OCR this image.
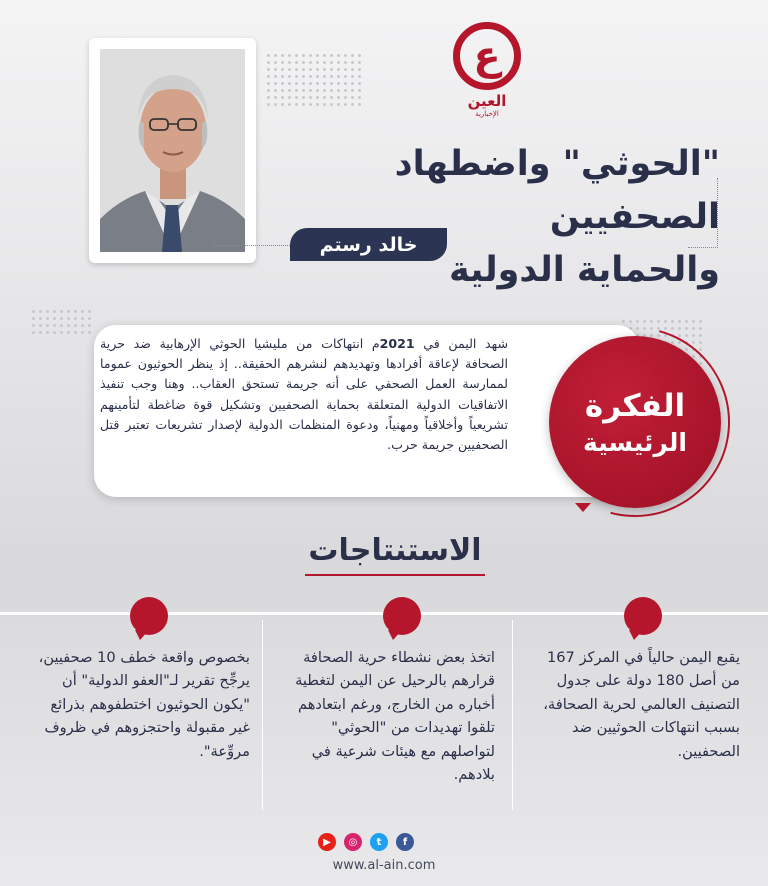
ع
العين
الإخبارية
"الحوثي" واضطهاد الصحفيين
والحماية الدولية
خالد رستم
شهد اليمن في 2021م انتهاكات من مليشيا الحوثي الإرهابية ضد حرية الصحافة لإعاقة أفرادها وتهديدهم لنشرهم الحقيقة.. إذ ينظر الحوثيون عموما لممارسة العمل الصحفي على أنه جريمة تستحق العقاب.. وهنا وجب تنفيذ الاتفاقيات الدولية المتعلقة بحماية الصحفيين وتشكيل قوة ضاغطة لتأمينهم تشريعياً وأخلاقياً ومهنياً، ودعوة المنظمات الدولية لإصدار تشريعات تعتبر قتل الصحفيين جريمة حرب.
الفكرة
الرئيسية
الاستنتاجات
يقبع اليمن حالياً في المركز 167 من أصل 180 دولة على جدول التصنيف العالمي لحرية الصحافة، بسبب انتهاكات الحوثيين ضد الصحفيين.
اتخذ بعض نشطاء حرية الصحافة قرارهم بالرحيل عن اليمن لتغطية أخباره من الخارج، ورغم ابتعادهم تلقوا تهديدات من "الحوثي" لتواصلهم مع هيئات شرعية في بلادهم.
بخصوص واقعة خطف 10 صحفيين، يرجِّح تقرير لـ"العفو الدولية" أن "يكون الحوثيون اختطفوهم بذرائع غير مقبولة واحتجزوهم في ظروف مروِّعة".
▶	◎	t	f
www.al-ain.com
